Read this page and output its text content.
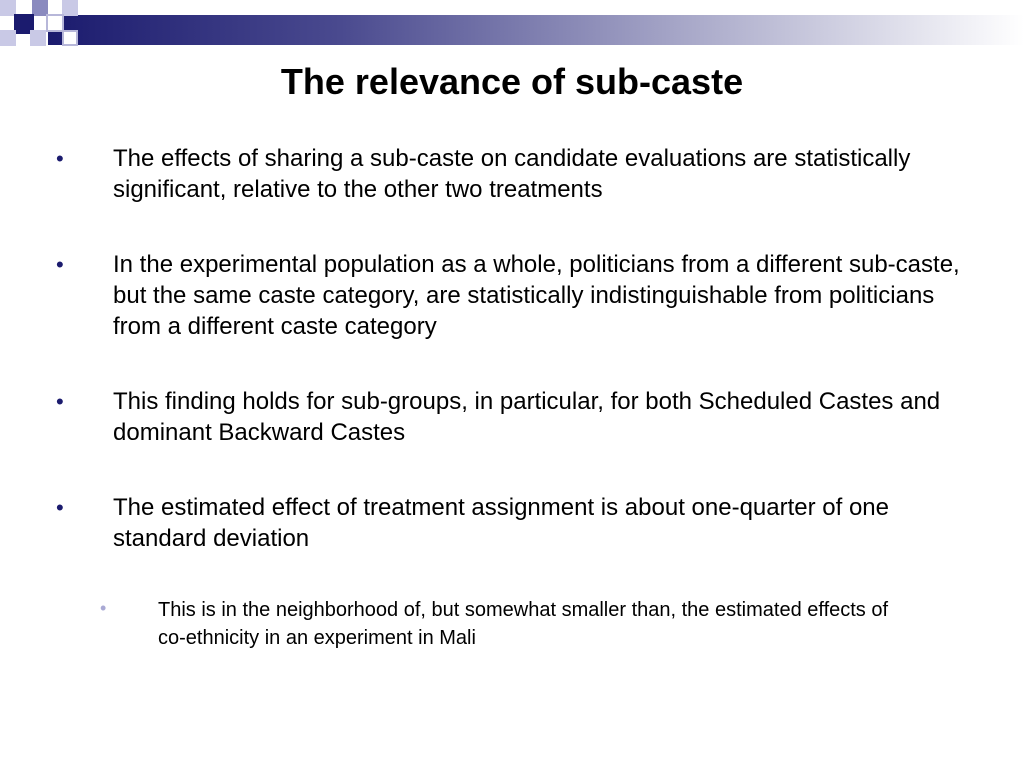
The relevance of sub-caste
• The effects of sharing a sub-caste on candidate evaluations are statistically significant, relative to the other two treatments
• In the experimental population as a whole, politicians from a different sub-caste, but the same caste category, are statistically indistinguishable from politicians from a different caste category
• This finding holds for sub-groups, in particular, for both Scheduled Castes and dominant Backward Castes
• The estimated effect of treatment assignment is about one-quarter of one standard deviation
•	This is in the neighborhood of, but somewhat smaller than, the estimated effects of co-ethnicity in an experiment in Mali
